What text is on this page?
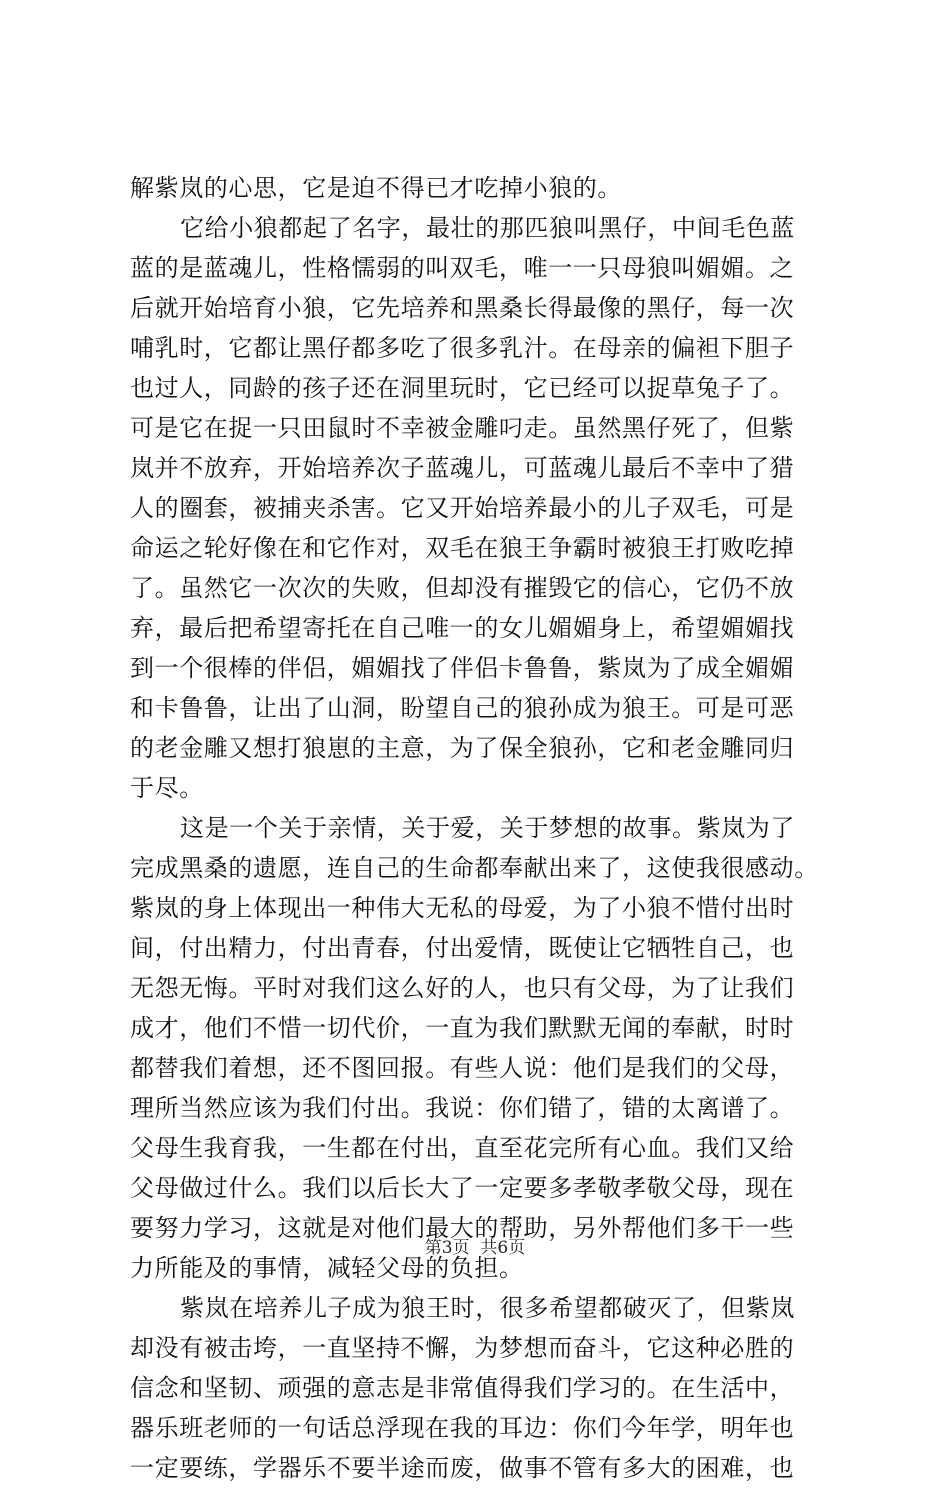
解紫岚的心思，它是迫不得已才吃掉小狼的。
它给小狼都起了名字，最壮的那匹狼叫黑仔，中间毛色蓝
蓝的是蓝魂儿，性格懦弱的叫双毛，唯一一只母狼叫媚媚。之
后就开始培育小狼，它先培养和黑桑长得最像的黑仔，每一次
哺乳时，它都让黑仔都多吃了很多乳汁。在母亲的偏袒下胆子
也过人，同龄的孩子还在洞里玩时，它已经可以捉草兔子了。
可是它在捉一只田鼠时不幸被金雕叼走。虽然黑仔死了，但紫
岚并不放弃，开始培养次子蓝魂儿，可蓝魂儿最后不幸中了猎
人的圈套，被捕夹杀害。它又开始培养最小的儿子双毛，可是
命运之轮好像在和它作对，双毛在狼王争霸时被狼王打败吃掉
了。虽然它一次次的失败，但却没有摧毁它的信心，它仍不放
弃，最后把希望寄托在自己唯一的女儿媚媚身上，希望媚媚找
到一个很棒的伴侣，媚媚找了伴侣卡鲁鲁，紫岚为了成全媚媚
和卡鲁鲁，让出了山洞，盼望自己的狼孙成为狼王。可是可恶
的老金雕又想打狼崽的主意，为了保全狼孙，它和老金雕同归
于尽。
这是一个关于亲情，关于爱，关于梦想的故事。紫岚为了
完成黑桑的遗愿，连自己的生命都奉献出来了，这使我很感动。
紫岚的身上体现出一种伟大无私的母爱，为了小狼不惜付出时
间，付出精力，付出青春，付出爱情，既使让它牺牲自己，也
无怨无悔。平时对我们这么好的人，也只有父母，为了让我们
成才，他们不惜一切代价，一直为我们默默无闻的奉献，时时
都替我们着想，还不图回报。有些人说：他们是我们的父母，
理所当然应该为我们付出。我说：你们错了，错的太离谱了。
父母生我育我，一生都在付出，直至花完所有心血。我们又给
父母做过什么。我们以后长大了一定要多孝敬孝敬父母，现在
要努力学习，这就是对他们最大的帮助，另外帮他们多干一些
力所能及的事情，减轻父母的负担。
紫岚在培养儿子成为狼王时，很多希望都破灭了，但紫岚
却没有被击垮，一直坚持不懈，为梦想而奋斗，它这种必胜的
信念和坚韧、顽强的意志是非常值得我们学习的。在生活中，
器乐班老师的一句话总浮现在我的耳边：你们今年学，明年也
一定要练，学器乐不要半途而废，做事不管有多大的困难，也
第3页  共6页
